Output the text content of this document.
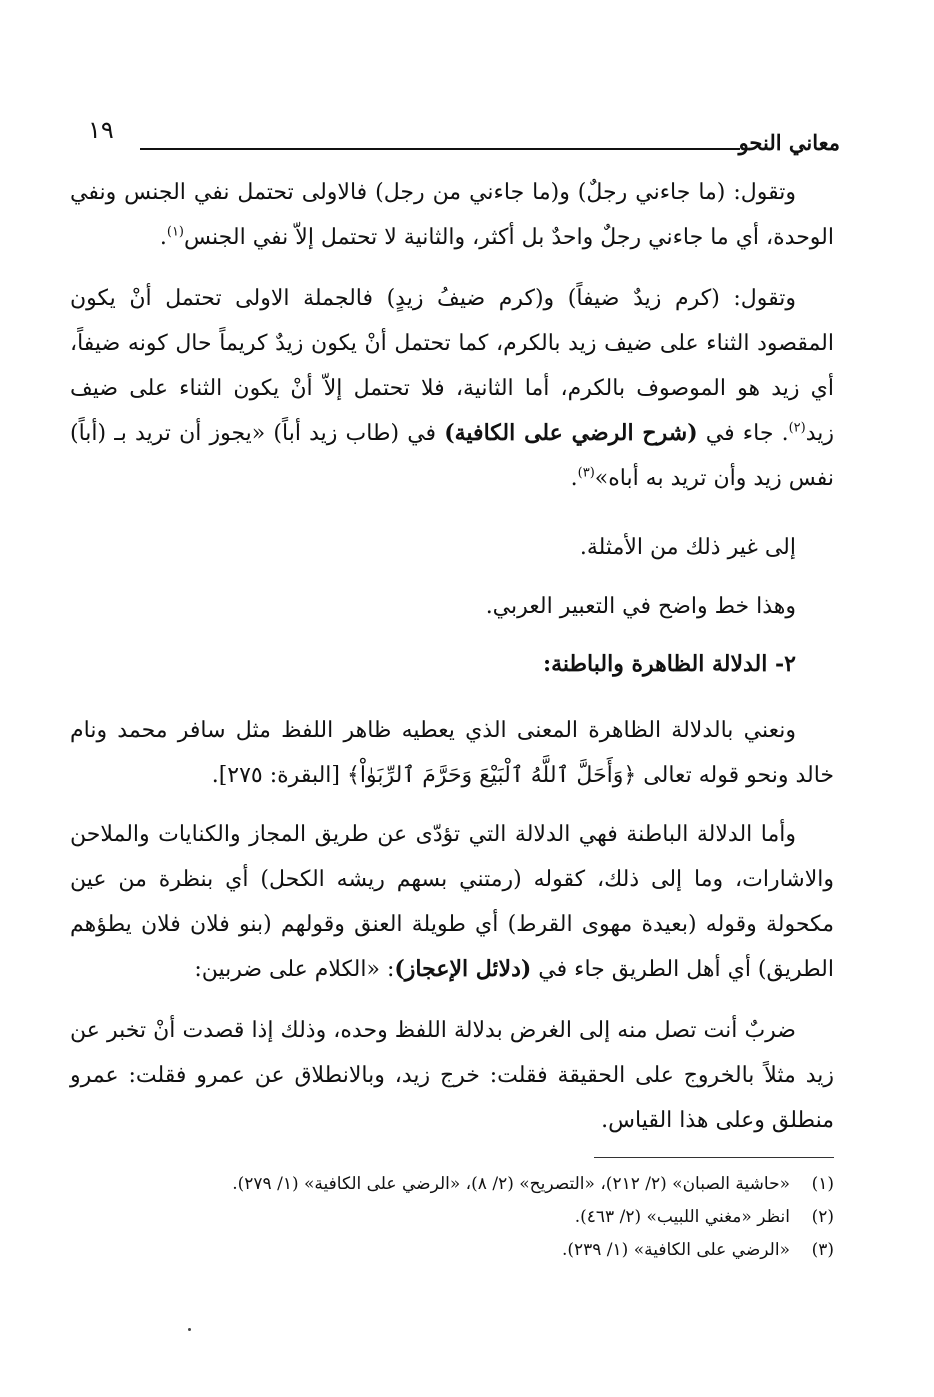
معاني النحو
١٩

وتقول: (ما جاءني رجلٌ) و(ما جاءني من رجل) فالاولى تحتمل نفي الجنس ونفي الوحدة، أي ما جاءني رجلٌ واحدٌ بل أكثر، والثانية لا تحتمل إلاّ نفي الجنس$^{(١)}$.

وتقول: (كرم زيدٌ ضيفاً) و(كرم ضيفُ زيدٍ) فالجملة الاولى تحتمل أنْ يكون المقصود الثناء على ضيف زيد بالكرم، كما تحتمل أنْ يكون زيدٌ كريماً حال كونه ضيفاً، أي زيد هو الموصوف بالكرم، أما الثانية، فلا تحتمل إلاّ أنْ يكون الثناء على ضيف زيد$^{(٢)}$. جاء في (شرح الرضي على الكافية) في (طاب زيد أباً) «يجوز أن تريد بـ (أباً) نفس زيد وأن تريد به أباه»$^{(٣)}$.

إلى غير ذلك من الأمثلة.

وهذا خط واضح في التعبير العربي.

٢- الدلالة الظاهرة والباطنة:

ونعني بالدلالة الظاهرة المعنى الذي يعطيه ظاهر اللفظ مثل سافر محمد ونام خالد ونحو قوله تعالى ﴿وَأَحَلَّ ٱللَّهُ ٱلْبَيْعَ وَحَرَّمَ ٱلرِّبَوٰاْ﴾ [البقرة: ٢٧٥].

وأما الدلالة الباطنة فهي الدلالة التي تؤدّى عن طريق المجاز والكنايات والملاحن والاشارات، وما إلى ذلك، كقوله (رمتني بسهم ريشه الكحل) أي بنظرة من عين مكحولة وقوله (بعيدة مهوى القرط) أي طويلة العنق وقولهم (بنو فلان فلان يطؤهم الطريق) أي أهل الطريق جاء في (دلائل الإعجاز): «الكلام على ضربين:

ضربٌ أنت تصل منه إلى الغرض بدلالة اللفظ وحده، وذلك إذا قصدت أنْ تخبر عن زيد مثلاً بالخروج على الحقيقة فقلت: خرج زيد، وبالانطلاق عن عمرو فقلت: عمرو منطلق وعلى هذا القياس.

(١)
«حاشية الصبان» (٢/ ٢١٢)، «التصريح» (٢/ ٨)، «الرضي على الكافية» (١/ ٢٧٩).
(٢)
انظر «مغني اللبيب» (٢/ ٤٦٣).
(٣)
«الرضي على الكافية» (١/ ٢٣٩).
